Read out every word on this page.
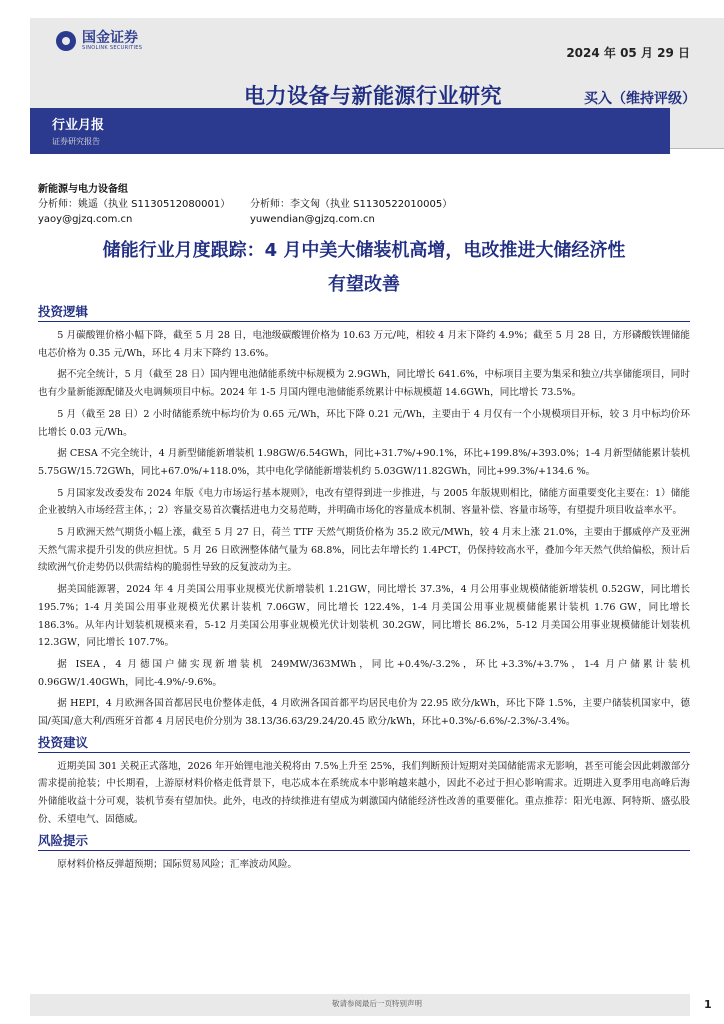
国金证券
SINOLINK SECURITIES	2024 年 05 月 29 日
电力设备与新能源行业研究	买入（维持评级）
行业月报
证券研究报告
新能源与电力设备组
分析师：姚遥（执业 S1130512080001）	分析师：李文匈（执业 S1130522010005）
yaoy@gjzq.com.cn	yuwendian@gjzq.com.cn
储能行业月度跟踪：4 月中美大储装机高增，电改推进大储经济性
有望改善
投资逻辑

5 月碳酸锂价格小幅下降，截至 5 月 28 日，电池级碳酸锂价格为 10.63 万元/吨，相较 4 月末下降约 4.9%；截至 5 月 28 日，方形磷酸铁锂储能电芯价格为 0.35 元/Wh，环比 4 月末下降约 13.6%。

据不完全统计，5 月（截至 28 日）国内锂电池储能系统中标规模为 2.9GWh，同比增长 641.6%，中标项目主要为集采和独立/共享储能项目，同时也有少量新能源配储及火电调频项目中标。2024 年 1-5 月国内锂电池储能系统累计中标规模超 14.6GWh，同比增长 73.5%。

5 月（截至 28 日）2 小时储能系统中标均价为 0.65 元/Wh，环比下降 0.21 元/Wh，主要由于 4 月仅有一个小规模项目开标，较 3 月中标均价环比增长 0.03 元/Wh。

据 CESA 不完全统计，4 月新型储能新增装机 1.98GW/6.54GWh，同比+31.7%/+90.1%，环比+199.8%/+393.0%；1-4 月新型储能累计装机 5.75GW/15.72GWh，同比+67.0%/+118.0%，其中电化学储能新增装机约 5.03GW/11.82GWh，同比+99.3%/+134.6 %。

5 月国家发改委发布 2024 年版《电力市场运行基本规则》，电改有望得到进一步推进，与 2005 年版规则相比，储能方面重要变化主要在：1）储能企业被纳入市场经营主体，；2）容量交易首次囊括进电力交易范畴，并明确市场化的容量成本机制、容量补偿、容量市场等，有望提升项目收益率水平。

5 月欧洲天然气期货小幅上涨，截至 5 月 27 日，荷兰 TTF 天然气期货价格为 35.2 欧元/MWh，较 4 月末上涨 21.0%，主要由于挪威停产及亚洲天然气需求提升引发的供应担忧。5 月 26 日欧洲整体储气量为 68.8%，同比去年增长约 1.4PCT，仍保持较高水平，叠加今年天然气供给偏松，预计后续欧洲气价走势仍以供需结构的脆弱性导致的反复波动为主。

据美国能源署，2024 年 4 月美国公用事业规模光伏新增装机 1.21GW，同比增长 37.3%，4 月公用事业规模储能新增装机 0.52GW，同比增长 195.7%；1-4 月美国公用事业规模光伏累计装机 7.06GW，同比增长 122.4%，1-4 月美国公用事业规模储能累计装机 1.76 GW，同比增长 186.3%。从年内计划装机规模来看，5-12 月美国公用事业规模光伏计划装机 30.2GW，同比增长 86.2%，5-12 月美国公用事业规模储能计划装机 12.3GW，同比增长 107.7%。

据 ISEA，4 月德国户储实现新增装机 249MW/363MWh，同比+0.4%/-3.2%，环比+3.3%/+3.7%，1-4 月户储累计装机 0.96GW/1.40GWh，同比-4.9%/-9.6%。

据 HEPI，4 月欧洲各国首都居民电价整体走低，4 月欧洲各国首都平均居民电价为 22.95 欧分/kWh，环比下降 1.5%，主要户储装机国家中，德国/英国/意大利/西班牙首都 4 月居民电价分别为 38.13/36.63/29.24/20.45 欧分/kWh，环比+0.3%/-6.6%/-2.3%/-3.4%。

投资建议

近期美国 301 关税正式落地，2026 年开始锂电池关税将由 7.5%上升至 25%，我们判断预计短期对美国储能需求无影响，甚至可能会因此刺激部分需求提前抢装；中长期看，上游原材料价格走低背景下，电芯成本在系统成本中影响越来越小，因此不必过于担心影响需求。近期进入夏季用电高峰后海外储能收益十分可观，装机节奏有望加快。此外，电改的持续推进有望成为刺激国内储能经济性改善的重要催化。重点推荐：阳光电源、阿特斯、盛弘股份、禾望电气、固德威。

风险提示

原材料价格反弹超预期；国际贸易风险；汇率波动风险。

敬请参阅最后一页特别声明	1
